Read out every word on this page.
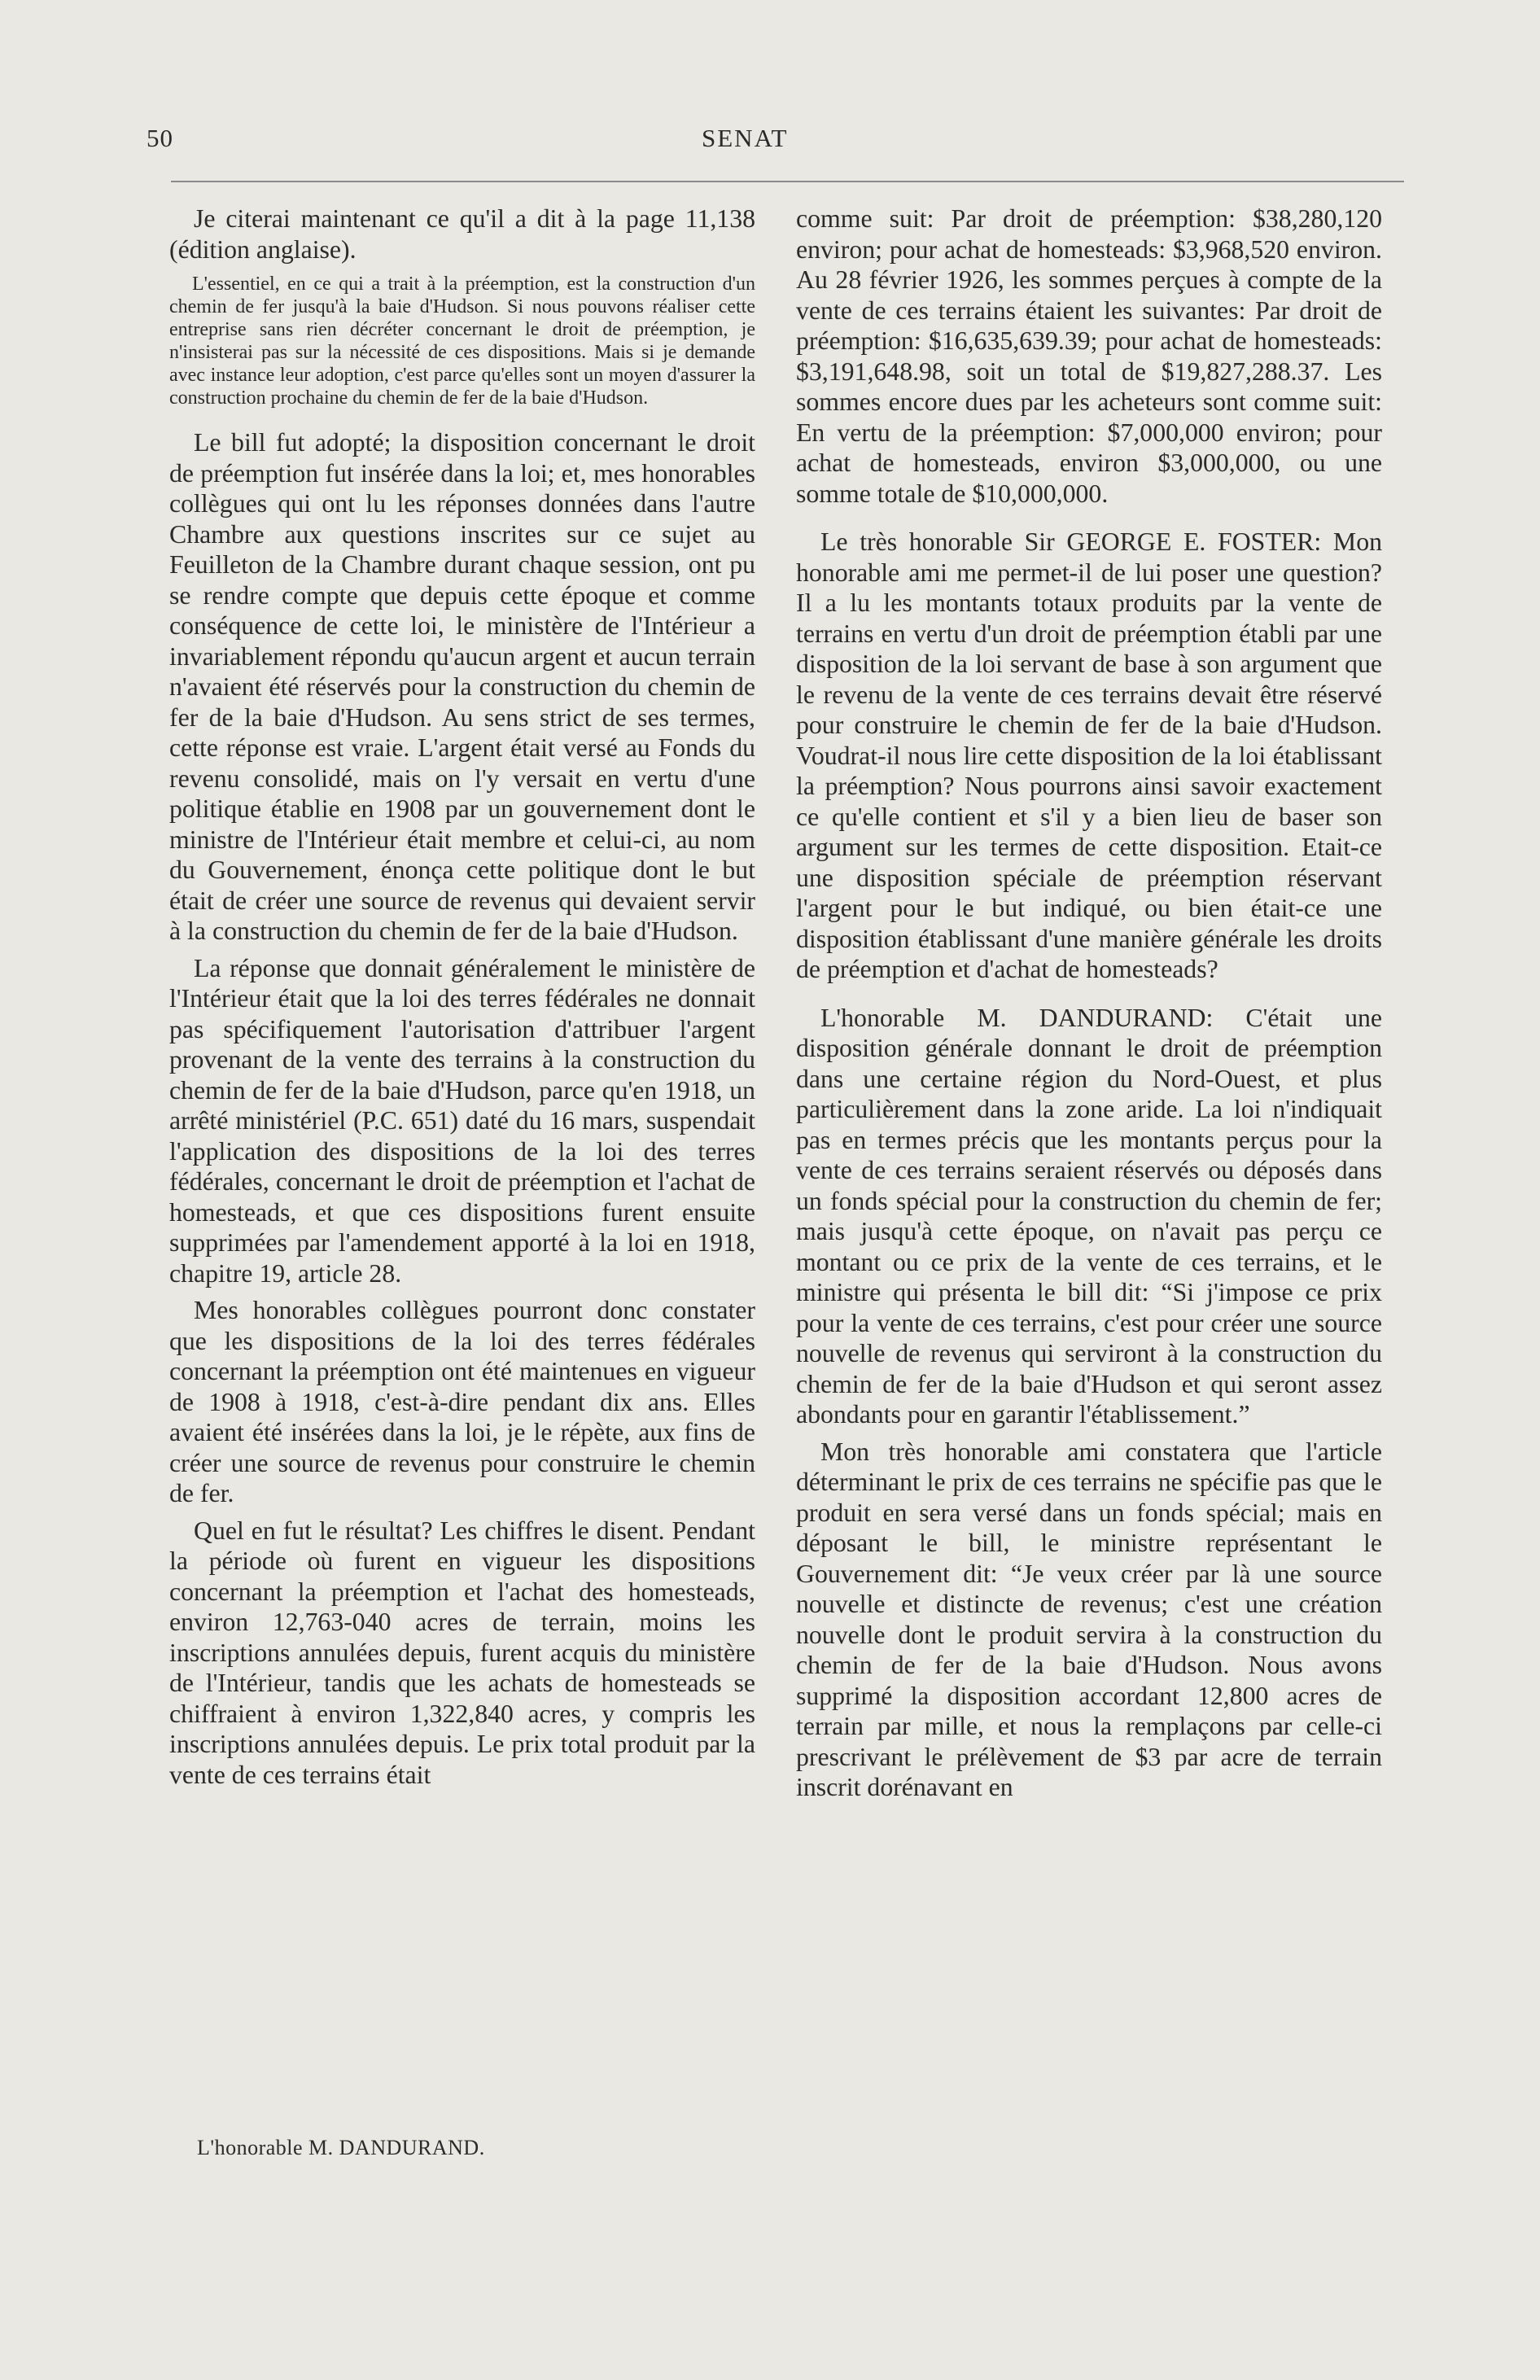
50	SENAT

Je citerai maintenant ce qu'il a dit à la page 11,138 (édition anglaise).

L'essentiel, en ce qui a trait à la préemption, est la construction d'un chemin de fer jusqu'à la baie d'Hudson. Si nous pouvons réaliser cette entreprise sans rien décréter concernant le droit de préemption, je n'insisterai pas sur la nécessité de ces dispositions. Mais si je demande avec instance leur adoption, c'est parce qu'elles sont un moyen d'assurer la construction prochaine du chemin de fer de la baie d'Hudson.

Le bill fut adopté; la disposition concernant le droit de préemption fut insérée dans la loi; et, mes honorables collègues qui ont lu les réponses données dans l'autre Chambre aux questions inscrites sur ce sujet au Feuilleton de la Chambre durant chaque session, ont pu se rendre compte que depuis cette époque et comme conséquence de cette loi, le ministère de l'Intérieur a invariablement répondu qu'aucun argent et aucun terrain n'avaient été réservés pour la construction du chemin de fer de la baie d'Hudson. Au sens strict de ses termes, cette réponse est vraie. L'argent était versé au Fonds du revenu consolidé, mais on l'y versait en vertu d'une politique établie en 1908 par un gouvernement dont le ministre de l'Intérieur était membre et celui-ci, au nom du Gouvernement, énonça cette politique dont le but était de créer une source de revenus qui devaient servir à la construction du chemin de fer de la baie d'Hudson.

La réponse que donnait généralement le ministère de l'Intérieur était que la loi des terres fédérales ne donnait pas spécifiquement l'autorisation d'attribuer l'argent provenant de la vente des terrains à la construction du chemin de fer de la baie d'Hudson, parce qu'en 1918, un arrêté ministériel (P.C. 651) daté du 16 mars, suspendait l'application des dispositions de la loi des terres fédérales, concernant le droit de préemption et l'achat de homesteads, et que ces dispositions furent ensuite supprimées par l'amendement apporté à la loi en 1918, chapitre 19, article 28.

Mes honorables collègues pourront donc constater que les dispositions de la loi des terres fédérales concernant la préemption ont été maintenues en vigueur de 1908 à 1918, c'est-à-dire pendant dix ans. Elles avaient été insérées dans la loi, je le répète, aux fins de créer une source de revenus pour construire le chemin de fer.

Quel en fut le résultat? Les chiffres le disent. Pendant la période où furent en vigueur les dispositions concernant la préemption et l'achat des homesteads, environ 12,763-040 acres de terrain, moins les inscriptions annulées depuis, furent acquis du ministère de l'Intérieur, tandis que les achats de homesteads se chiffraient à environ 1,322,840 acres, y compris les inscriptions annulées depuis. Le prix total produit par la vente de ces terrains était

comme suit: Par droit de préemption: $38,280,120 environ; pour achat de homesteads: $3,968,520 environ. Au 28 février 1926, les sommes perçues à compte de la vente de ces terrains étaient les suivantes: Par droit de préemption: $16,635,639.39; pour achat de homesteads: $3,191,648.98, soit un total de $19,827,288.37. Les sommes encore dues par les acheteurs sont comme suit: En vertu de la préemption: $7,000,000 environ; pour achat de homesteads, environ $3,000,000, ou une somme totale de $10,000,000.

Le très honorable Sir GEORGE E. FOSTER: Mon honorable ami me permet-il de lui poser une question? Il a lu les montants totaux produits par la vente de terrains en vertu d'un droit de préemption établi par une disposition de la loi servant de base à son argument que le revenu de la vente de ces terrains devait être réservé pour construire le chemin de fer de la baie d'Hudson. Voudrat-il nous lire cette disposition de la loi établissant la préemption? Nous pourrons ainsi savoir exactement ce qu'elle contient et s'il y a bien lieu de baser son argument sur les termes de cette disposition. Etait-ce une disposition spéciale de préemption réservant l'argent pour le but indiqué, ou bien était-ce une disposition établissant d'une manière générale les droits de préemption et d'achat de homesteads?

L'honorable M. DANDURAND: C'était une disposition générale donnant le droit de préemption dans une certaine région du Nord-Ouest, et plus particulièrement dans la zone aride. La loi n'indiquait pas en termes précis que les montants perçus pour la vente de ces terrains seraient réservés ou déposés dans un fonds spécial pour la construction du chemin de fer; mais jusqu'à cette époque, on n'avait pas perçu ce montant ou ce prix de la vente de ces terrains, et le ministre qui présenta le bill dit: “Si j'impose ce prix pour la vente de ces terrains, c'est pour créer une source nouvelle de revenus qui serviront à la construction du chemin de fer de la baie d'Hudson et qui seront assez abondants pour en garantir l'établissement.”

Mon très honorable ami constatera que l'article déterminant le prix de ces terrains ne spécifie pas que le produit en sera versé dans un fonds spécial; mais en déposant le bill, le ministre représentant le Gouvernement dit: “Je veux créer par là une source nouvelle et distincte de revenus; c'est une création nouvelle dont le produit servira à la construction du chemin de fer de la baie d'Hudson. Nous avons supprimé la disposition accordant 12,800 acres de terrain par mille, et nous la remplaçons par celle-ci prescrivant le prélèvement de $3 par acre de terrain inscrit dorénavant en

L'honorable M. DANDURAND.
